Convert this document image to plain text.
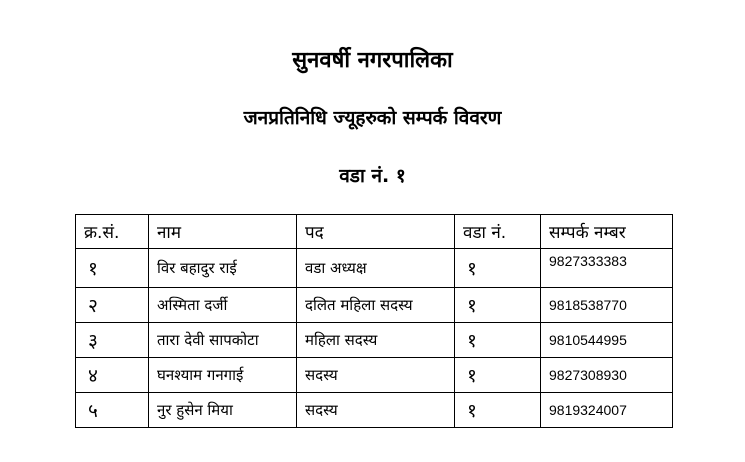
सुनवर्षी नगरपालिका
जनप्रतिनिधि ज्यूहरुको सम्पर्क विवरण
वडा नं. १
क्र.सं.	नाम	पद	वडा नं.	सम्पर्क नम्बर
१	विर बहादुर राई	वडा अध्यक्ष	१	9827333383
२	अस्मिता दर्जी	दलित महिला सदस्य	१	9818538770
३	तारा देवी सापकोटा	महिला सदस्य	१	9810544995
४	घनश्याम गनगाई	सदस्य	१	9827308930
५	नुर हुसेन मिया	सदस्य	१	9819324007
